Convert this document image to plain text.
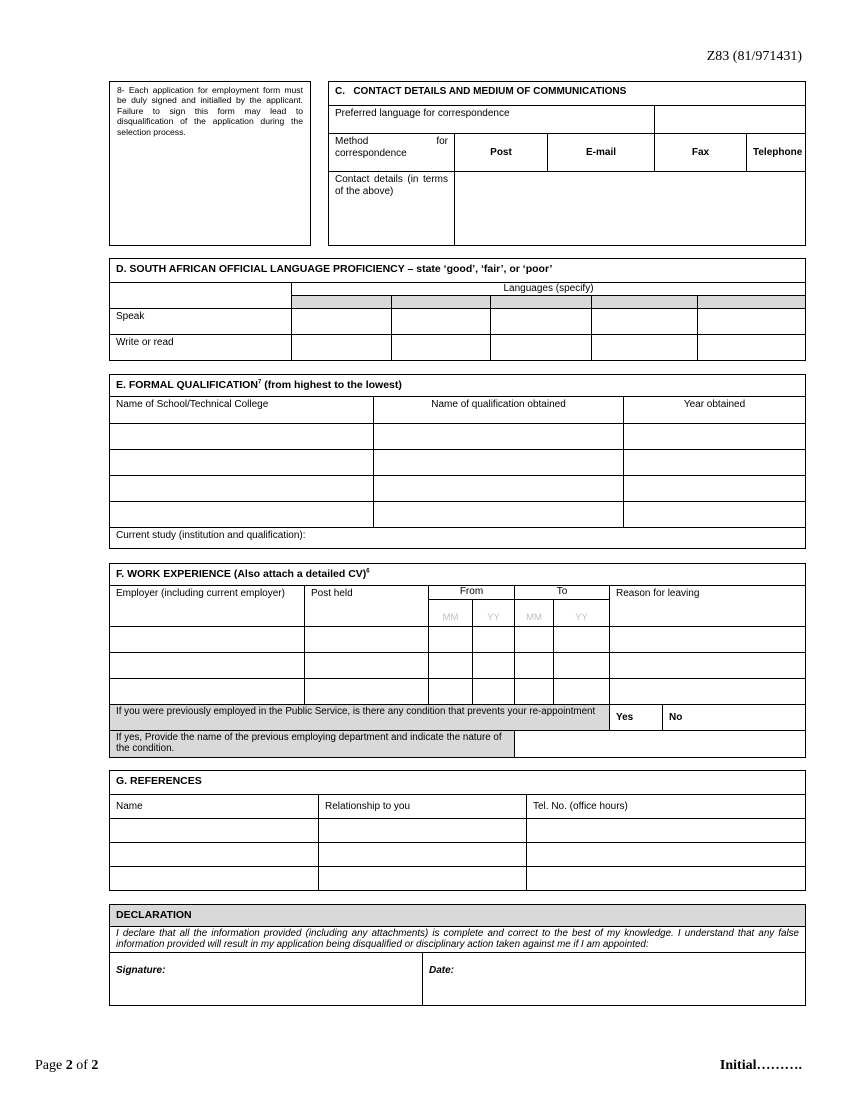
Z83 (81/971431)
8- Each application for employment form must be duly signed and initialled by the applicant. Failure to sign this form may lead to disqualification of the application during the selection process.
C.   CONTACT DETAILS AND MEDIUM OF COMMUNICATIONS				
Preferred language for correspondence				
Method for correspondence	Post	E-mail	Fax	Telephone
Contact details (in terms of the above)				
D. SOUTH AFRICAN OFFICIAL LANGUAGE PROFICIENCY – state ‘good’, ‘fair’, or ‘poor’					
	Languages (specify)				

Speak					
Write or read					
E. FORMAL QUALIFICATION$^7$ (from highest to the lowest)		
Name of School/Technical College	Name of qualification obtained	Year obtained

Current study (institution and qualification):		
F. WORK EXPERIENCE (Also attach a detailed CV)$^6$
Employer (including current employer)	Post held	From		To		Reason for leaving	
		MM	YY	MM	YY		

If you were previously employed in the Public Service, is there any condition that prevents your re-appointment						Yes	No
If yes, Provide the name of the previous employing department and indicate the nature of the condition.							
G. REFERENCES		
Name	Relationship to you	Tel. No. (office hours)

DECLARATION
I declare that all the information provided (including any attachments) is complete and correct to the best of my knowledge. I understand that any false information provided will result in my application being disqualified or disciplinary action taken against me if I am appointed:
Signature:	Date:
Page 2 of 2	Initial……….
